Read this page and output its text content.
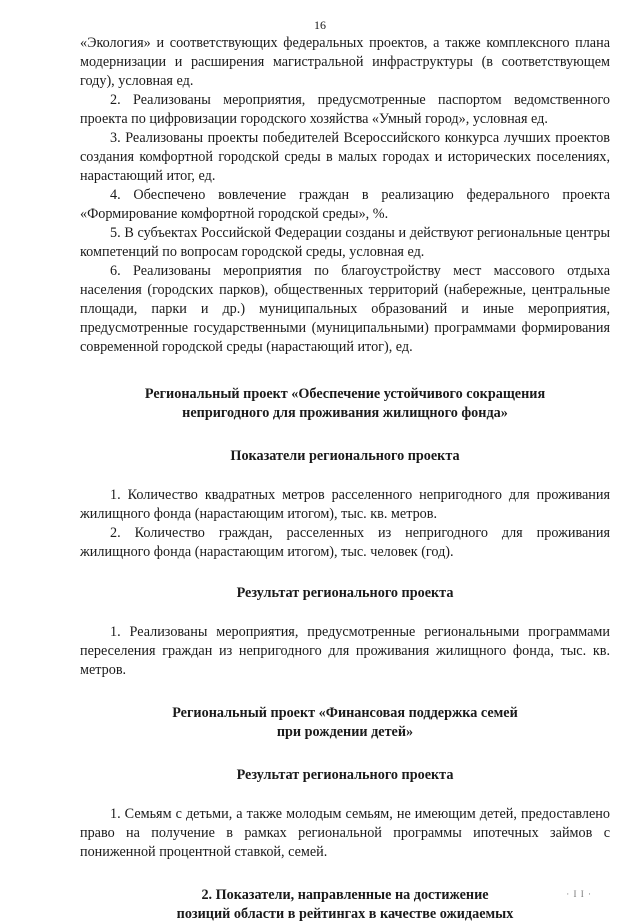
16

«Экология» и соответствующих федеральных проектов, а также комплексного плана модернизации и расширения магистральной инфраструктуры (в соответствующем году), условная ед.

2. Реализованы мероприятия, предусмотренные паспортом ведомственного проекта по цифровизации городского хозяйства «Умный город», условная ед.

3. Реализованы проекты победителей Всероссийского конкурса лучших проектов создания комфортной городской среды в малых городах и исторических поселениях, нарастающий итог, ед.

4. Обеспечено вовлечение граждан в реализацию федерального проекта «Формирование комфортной городской среды», %.

5. В субъектах Российской Федерации созданы и действуют региональные центры компетенций по вопросам городской среды, условная ед.

6. Реализованы мероприятия по благоустройству мест массового отдыха населения (городских парков), общественных территорий (набережные, центральные площади, парки и др.) муниципальных образований и иные мероприятия, предусмотренные государственными (муниципальными) программами формирования современной городской среды (нарастающий итог), ед.

Региональный проект «Обеспечение устойчивого сокращения

непригодного для проживания жилищного фонда»

Показатели регионального проекта

1. Количество квадратных метров расселенного непригодного для проживания жилищного фонда (нарастающим итогом), тыс. кв. метров.

2. Количество граждан, расселенных из непригодного для проживания жилищного фонда (нарастающим итогом), тыс. человек (год).

Результат регионального проекта

1. Реализованы мероприятия, предусмотренные региональными программами переселения граждан из непригодного для проживания жилищного фонда, тыс. кв. метров.

Региональный проект «Финансовая поддержка семей

при рождении детей»

Результат регионального проекта

1. Семьям с детьми, а также молодым семьям, не имеющим детей, предоставлено право на получение в рамках региональной программы ипотечных займов с пониженной процентной ставкой, семей.

2. Показатели, направленные на достижение

позиций области в рейтингах в качестве ожидаемых

· I I ·
